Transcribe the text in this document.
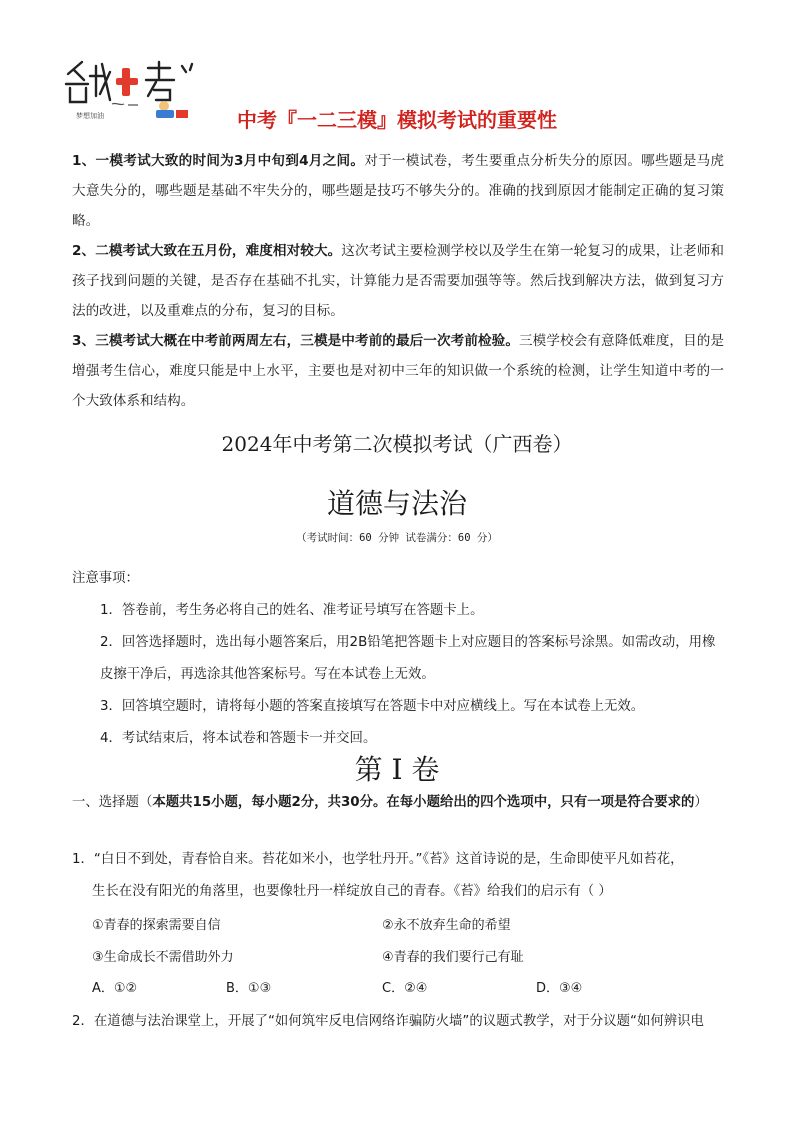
梦想加油	中考『一二三模』模拟考试的重要性

1、一模考试大致的时间为3月中旬到4月之间。对于一模试卷，考生要重点分析失分的原因。哪些题是马虎大意失分的，哪些题是基础不牢失分的，哪些题是技巧不够失分的。准确的找到原因才能制定正确的复习策略。

2、二模考试大致在五月份，难度相对较大。这次考试主要检测学校以及学生在第一轮复习的成果，让老师和孩子找到问题的关键，是否存在基础不扎实，计算能力是否需要加强等等。然后找到解决方法，做到复习方法的改进，以及重难点的分布，复习的目标。

3、三模考试大概在中考前两周左右，三模是中考前的最后一次考前检验。三模学校会有意降低难度，目的是增强考生信心，难度只能是中上水平，主要也是对初中三年的知识做一个系统的检测，让学生知道中考的一个大致体系和结构。

2024年中考第二次模拟考试（广西卷）
道德与法治
（考试时间：60 分钟 试卷满分：60 分）

注意事项：

1．答卷前，考生务必将自己的姓名、准考证号填写在答题卡上。

2．回答选择题时，选出每小题答案后，用2B铅笔把答题卡上对应题目的答案标号涂黑。如需改动，用橡皮擦干净后，再选涂其他答案标号。写在本试卷上无效。

3．回答填空题时，请将每小题的答案直接填写在答题卡中对应横线上。写在本试卷上无效。

4．考试结束后，将本试卷和答题卡一并交回。

第 I 卷

一、选择题（本题共15小题，每小题2分，共30分。在每小题给出的四个选项中，只有一项是符合要求的）

1．“白日不到处，青春恰自来。苔花如米小，也学牡丹开。”《苔》这首诗说的是，生命即使平凡如苔花，

生长在没有阳光的角落里，也要像牡丹一样绽放自己的青春。《苔》给我们的启示有（ ）

①青春的探索需要自信	②永不放弃生命的希望
③生命成长不需借助外力	④青春的我们要行己有耻
A．①②	B．①③	C．②④	D．③④

2．在道德与法治课堂上，开展了“如何筑牢反电信网络诈骗防火墙”的议题式教学，对于分议题“如何辨识电
